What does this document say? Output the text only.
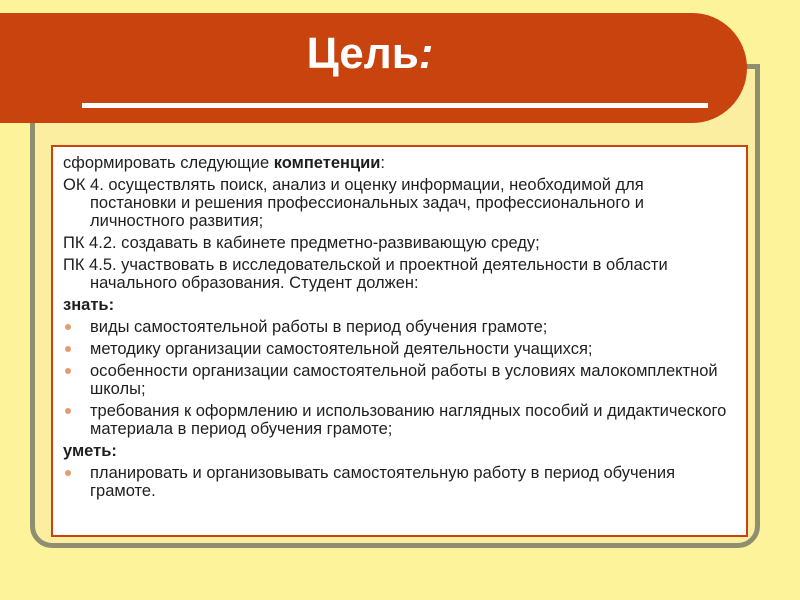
Цель:
сформировать следующие компетенции:
ОК 4. осуществлять поиск, анализ и оценку информации, необходимой для постановки и решения профессиональных задач, профессионального и личностного развития;
ПК 4.2. создавать в кабинете предметно-развивающую среду;
ПК 4.5. участвовать в исследовательской и проектной деятельности в области начального образования. Студент должен:
знать:
виды самостоятельной работы в период обучения грамоте;
методику организации самостоятельной деятельности учащихся;
особенности организации самостоятельной работы в условиях малокомплектной школы;
требования к оформлению и использованию наглядных пособий и дидактического материала в период обучения грамоте;
уметь:
планировать и организовывать самостоятельную работу в период обучения грамоте.
